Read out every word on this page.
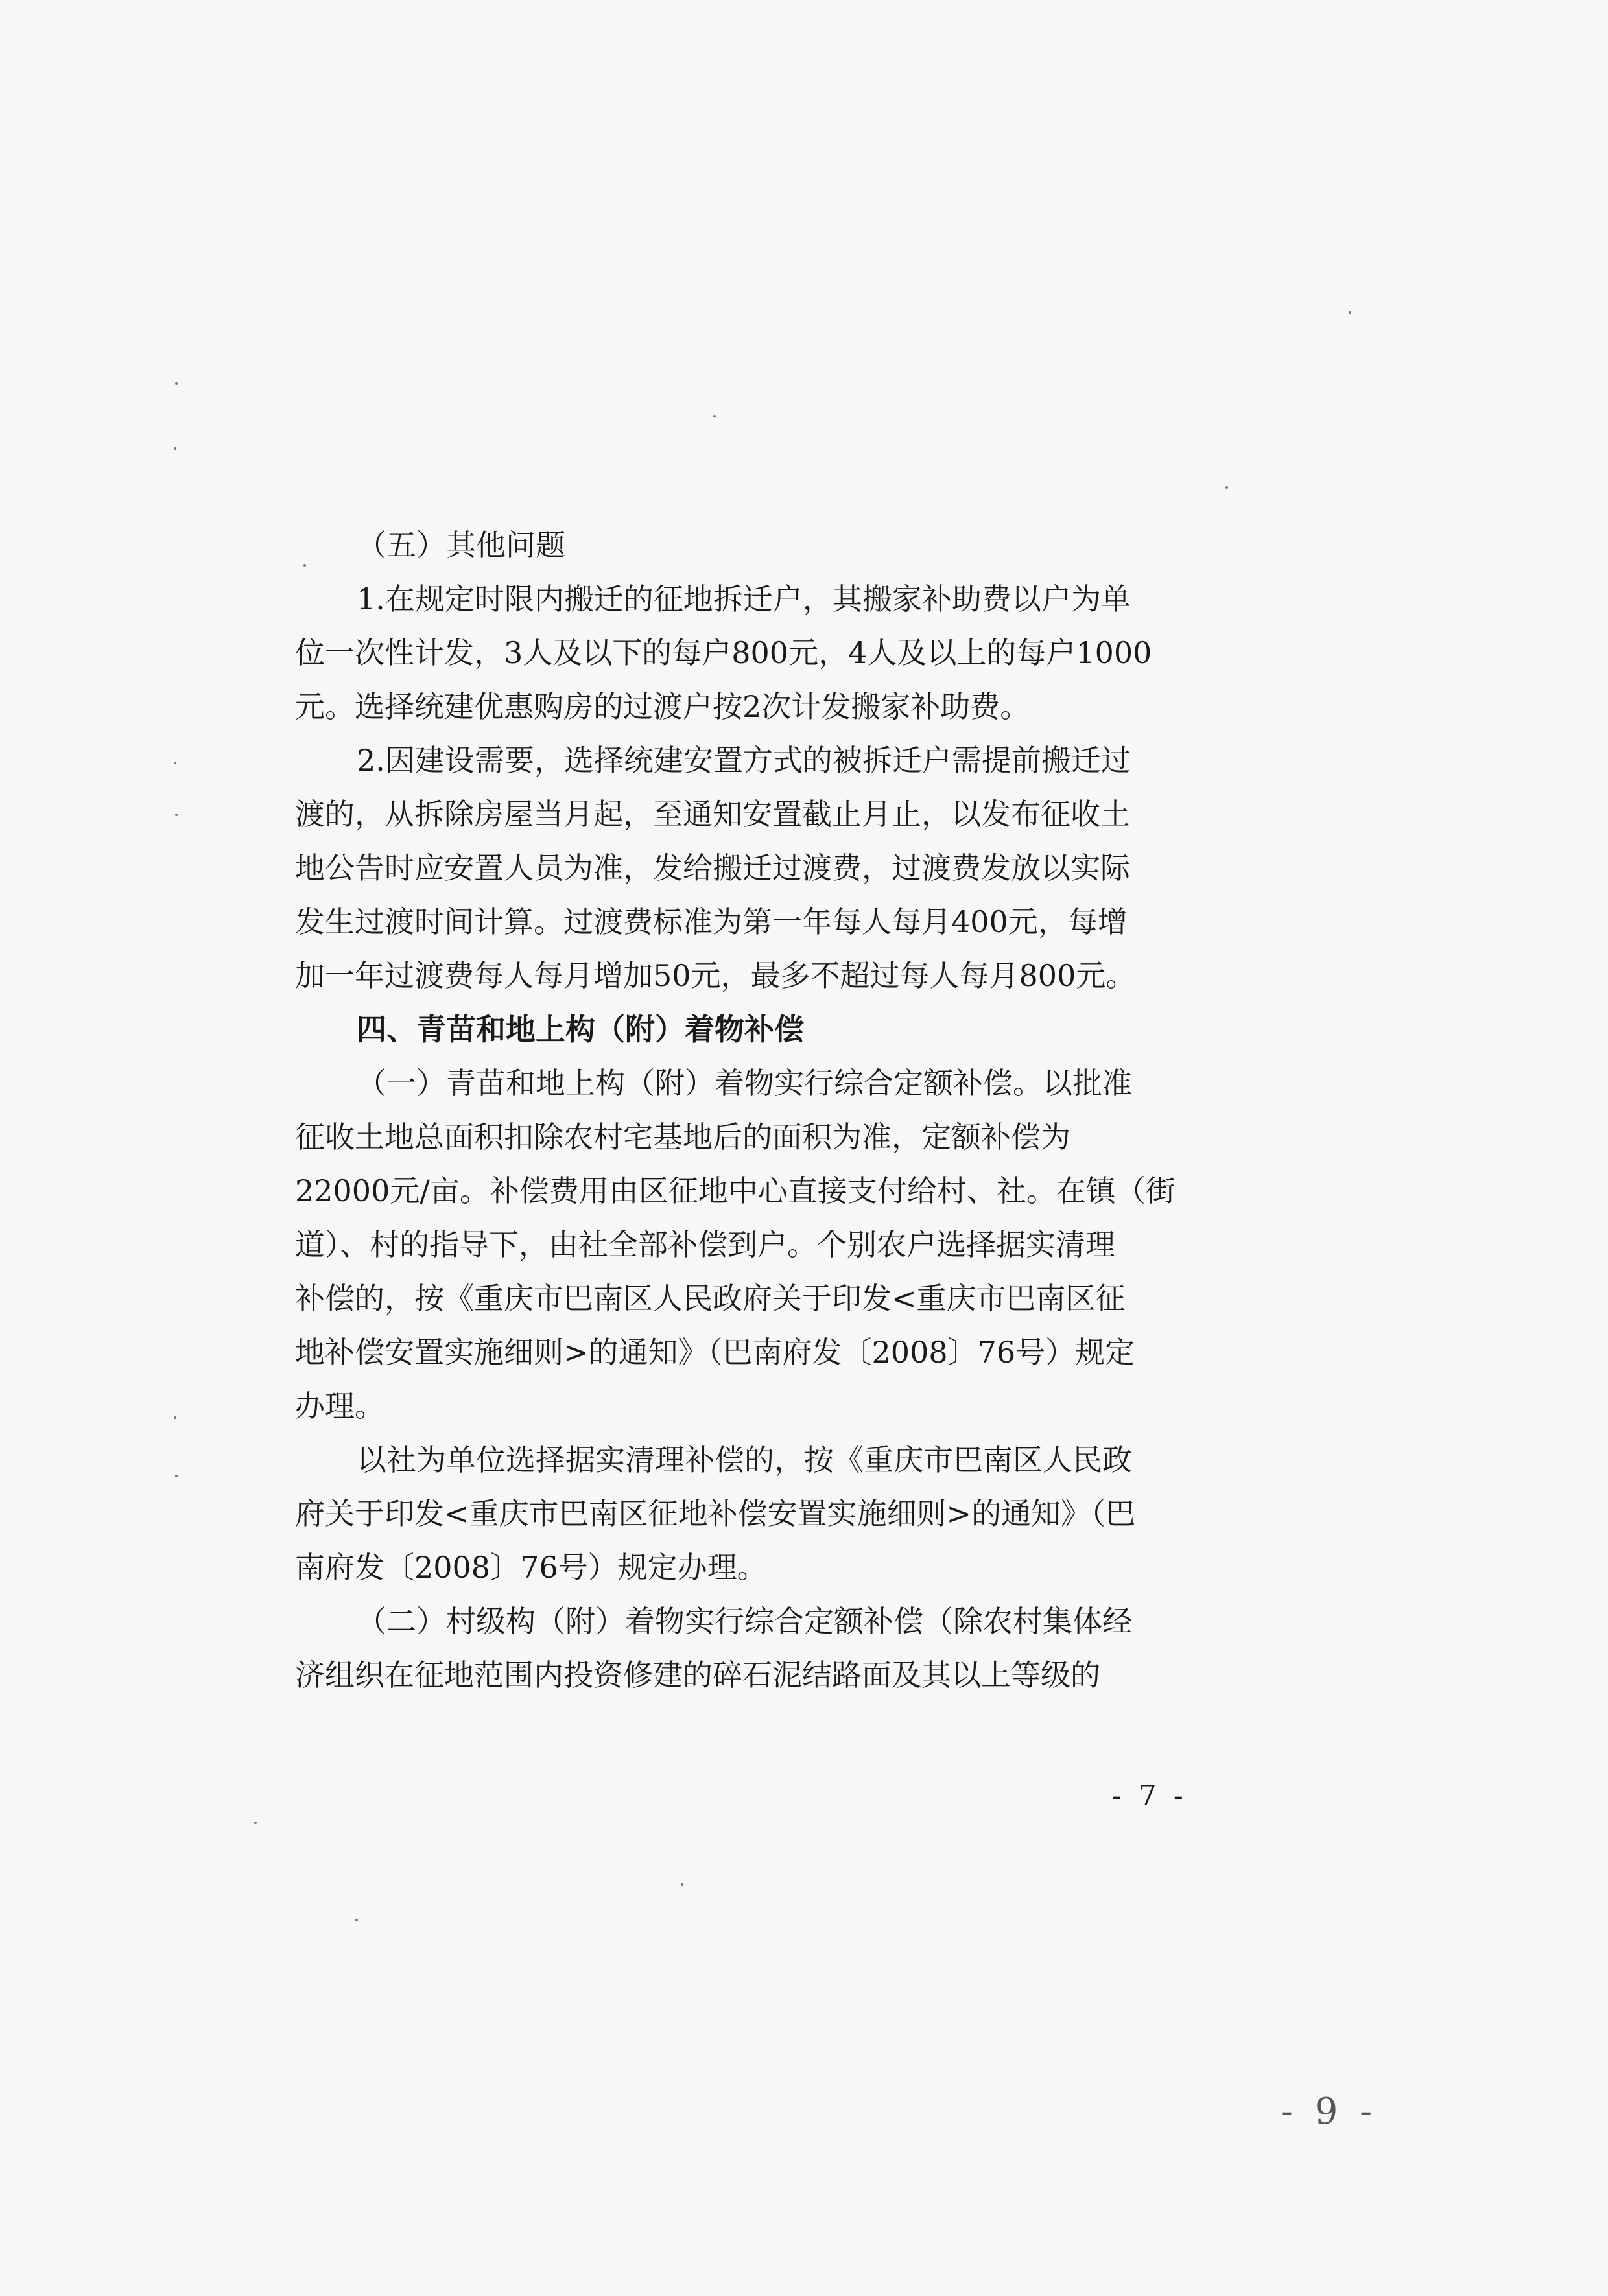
（五）其他问题
1.在规定时限内搬迁的征地拆迁户，其搬家补助费以户为单
位一次性计发，3人及以下的每户800元，4人及以上的每户1000
元。选择统建优惠购房的过渡户按2次计发搬家补助费。
2.因建设需要，选择统建安置方式的被拆迁户需提前搬迁过
渡的，从拆除房屋当月起，至通知安置截止月止，以发布征收土
地公告时应安置人员为准，发给搬迁过渡费，过渡费发放以实际
发生过渡时间计算。过渡费标准为第一年每人每月400元，每增
加一年过渡费每人每月增加50元，最多不超过每人每月800元。
四、青苗和地上构（附）着物补偿
（一）青苗和地上构（附）着物实行综合定额补偿。以批准
征收土地总面积扣除农村宅基地后的面积为准，定额补偿为
22000元/亩。补偿费用由区征地中心直接支付给村、社。在镇（街
道）、村的指导下，由社全部补偿到户。个别农户选择据实清理
补偿的，按《重庆市巴南区人民政府关于印发<重庆市巴南区征
地补偿安置实施细则>的通知》（巴南府发〔2008〕76号）规定
办理。
以社为单位选择据实清理补偿的，按《重庆市巴南区人民政
府关于印发<重庆市巴南区征地补偿安置实施细则>的通知》（巴
南府发〔2008〕76号）规定办理。
（二）村级构（附）着物实行综合定额补偿（除农村集体经
济组织在征地范围内投资修建的碎石泥结路面及其以上等级的
- 7 -
- 9 -
